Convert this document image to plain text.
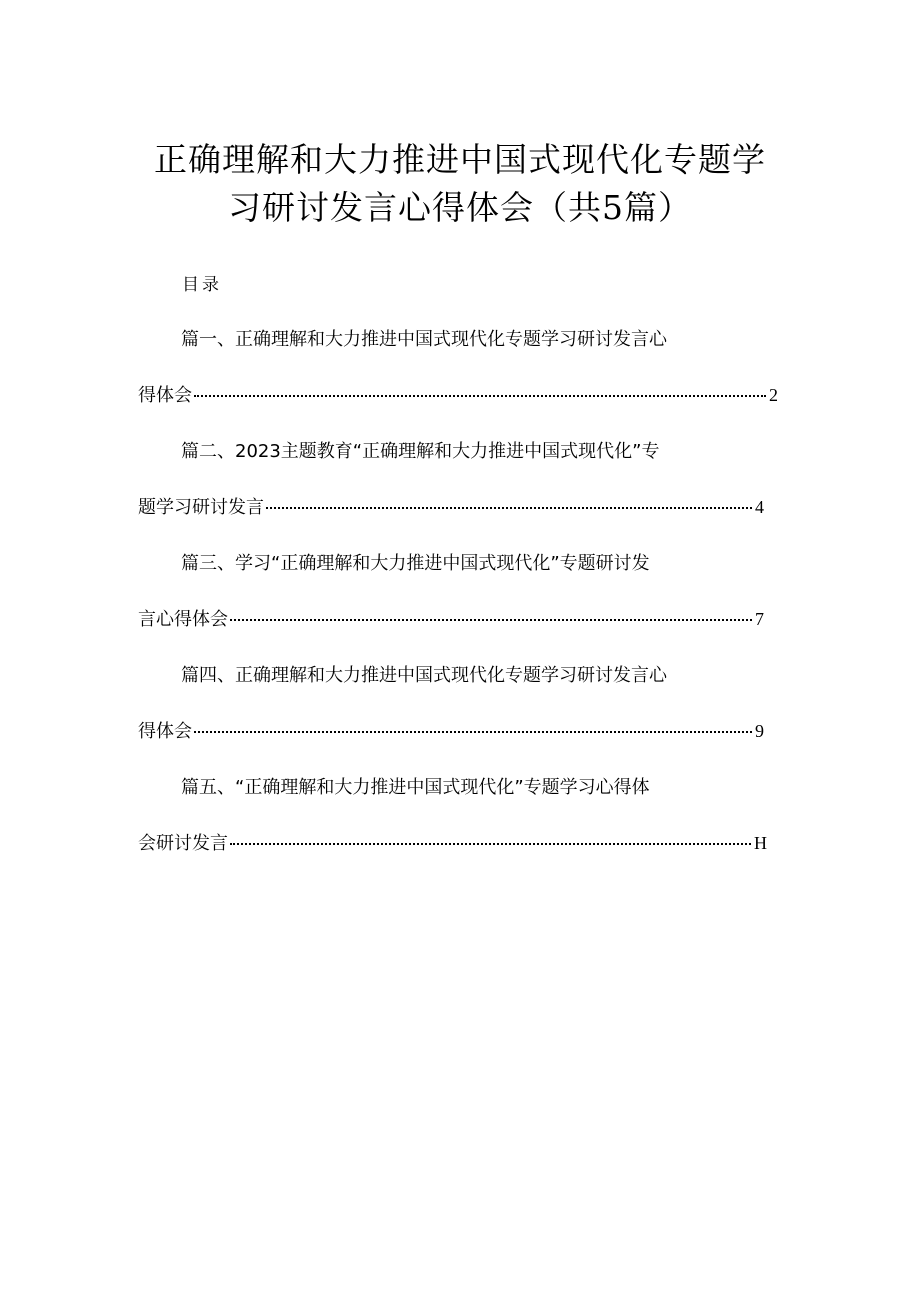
正确理解和大力推进中国式现代化专题学
习研讨发言心得体会（共5篇）
目录
篇一、正确理解和大力推进中国式现代化专题学习研讨发言心
得体会	2
篇二、2023主题教育“正确理解和大力推进中国式现代化”专
题学习研讨发言	4
篇三、学习“正确理解和大力推进中国式现代化”专题研讨发
言心得体会	7
篇四、正确理解和大力推进中国式现代化专题学习研讨发言心
得体会	9
篇五、“正确理解和大力推进中国式现代化”专题学习心得体
会研讨发言	H
